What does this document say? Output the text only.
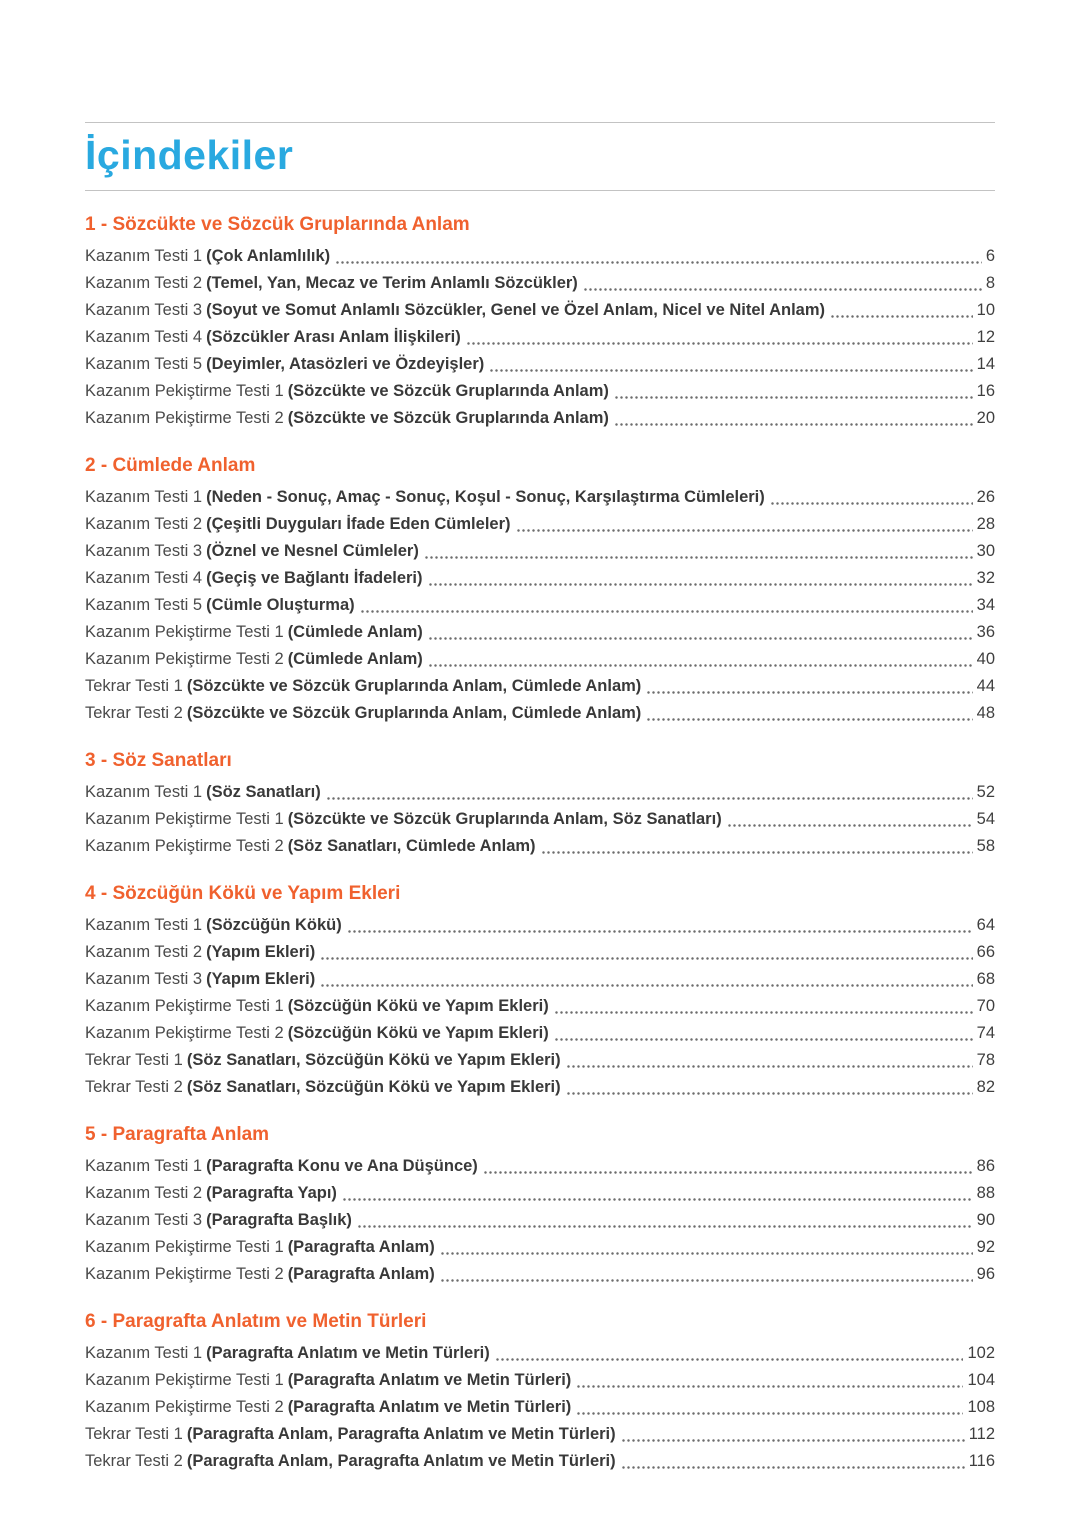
İçindekiler
1 - Sözcükte ve Sözcük Gruplarında Anlam
Kazanım Testi 1 (Çok Anlamlılık)	6
Kazanım Testi 2 (Temel, Yan, Mecaz ve Terim Anlamlı Sözcükler)	8
Kazanım Testi 3 (Soyut ve Somut Anlamlı Sözcükler, Genel ve Özel Anlam, Nicel ve Nitel Anlam)	10
Kazanım Testi 4 (Sözcükler Arası Anlam İlişkileri)	12
Kazanım Testi 5 (Deyimler, Atasözleri ve Özdeyişler)	14
Kazanım Pekiştirme Testi 1 (Sözcükte ve Sözcük Gruplarında Anlam)	16
Kazanım Pekiştirme Testi 2 (Sözcükte ve Sözcük Gruplarında Anlam)	20
2 - Cümlede Anlam
Kazanım Testi 1 (Neden - Sonuç, Amaç - Sonuç, Koşul - Sonuç, Karşılaştırma Cümleleri)	26
Kazanım Testi 2 (Çeşitli Duyguları İfade Eden Cümleler)	28
Kazanım Testi 3 (Öznel ve Nesnel Cümleler)	30
Kazanım Testi 4 (Geçiş ve Bağlantı İfadeleri)	32
Kazanım Testi 5 (Cümle Oluşturma)	34
Kazanım Pekiştirme Testi 1 (Cümlede Anlam)	36
Kazanım Pekiştirme Testi 2 (Cümlede Anlam)	40
Tekrar Testi 1 (Sözcükte ve Sözcük Gruplarında Anlam, Cümlede Anlam)	44
Tekrar Testi 2 (Sözcükte ve Sözcük Gruplarında Anlam, Cümlede Anlam)	48
3 - Söz Sanatları
Kazanım Testi 1 (Söz Sanatları)	52
Kazanım Pekiştirme Testi 1 (Sözcükte ve Sözcük Gruplarında Anlam, Söz Sanatları)	54
Kazanım Pekiştirme Testi 2 (Söz Sanatları, Cümlede Anlam)	58
4 - Sözcüğün Kökü ve Yapım Ekleri
Kazanım Testi 1 (Sözcüğün Kökü)	64
Kazanım Testi 2 (Yapım Ekleri)	66
Kazanım Testi 3 (Yapım Ekleri)	68
Kazanım Pekiştirme Testi 1 (Sözcüğün Kökü ve Yapım Ekleri)	70
Kazanım Pekiştirme Testi 2 (Sözcüğün Kökü ve Yapım Ekleri)	74
Tekrar Testi 1 (Söz Sanatları, Sözcüğün Kökü ve Yapım Ekleri)	78
Tekrar Testi 2 (Söz Sanatları, Sözcüğün Kökü ve Yapım Ekleri)	82
5 - Paragrafta Anlam
Kazanım Testi 1 (Paragrafta Konu ve Ana Düşünce)	86
Kazanım Testi 2 (Paragrafta Yapı)	88
Kazanım Testi 3 (Paragrafta Başlık)	90
Kazanım Pekiştirme Testi 1 (Paragrafta Anlam)	92
Kazanım Pekiştirme Testi 2 (Paragrafta Anlam)	96
6 - Paragrafta Anlatım ve Metin Türleri
Kazanım Testi 1 (Paragrafta Anlatım ve Metin Türleri)	102
Kazanım Pekiştirme Testi 1 (Paragrafta Anlatım ve Metin Türleri)	104
Kazanım Pekiştirme Testi 2 (Paragrafta Anlatım ve Metin Türleri)	108
Tekrar Testi 1 (Paragrafta Anlam, Paragrafta Anlatım ve Metin Türleri)	112
Tekrar Testi 2 (Paragrafta Anlam, Paragrafta Anlatım ve Metin Türleri)	116
